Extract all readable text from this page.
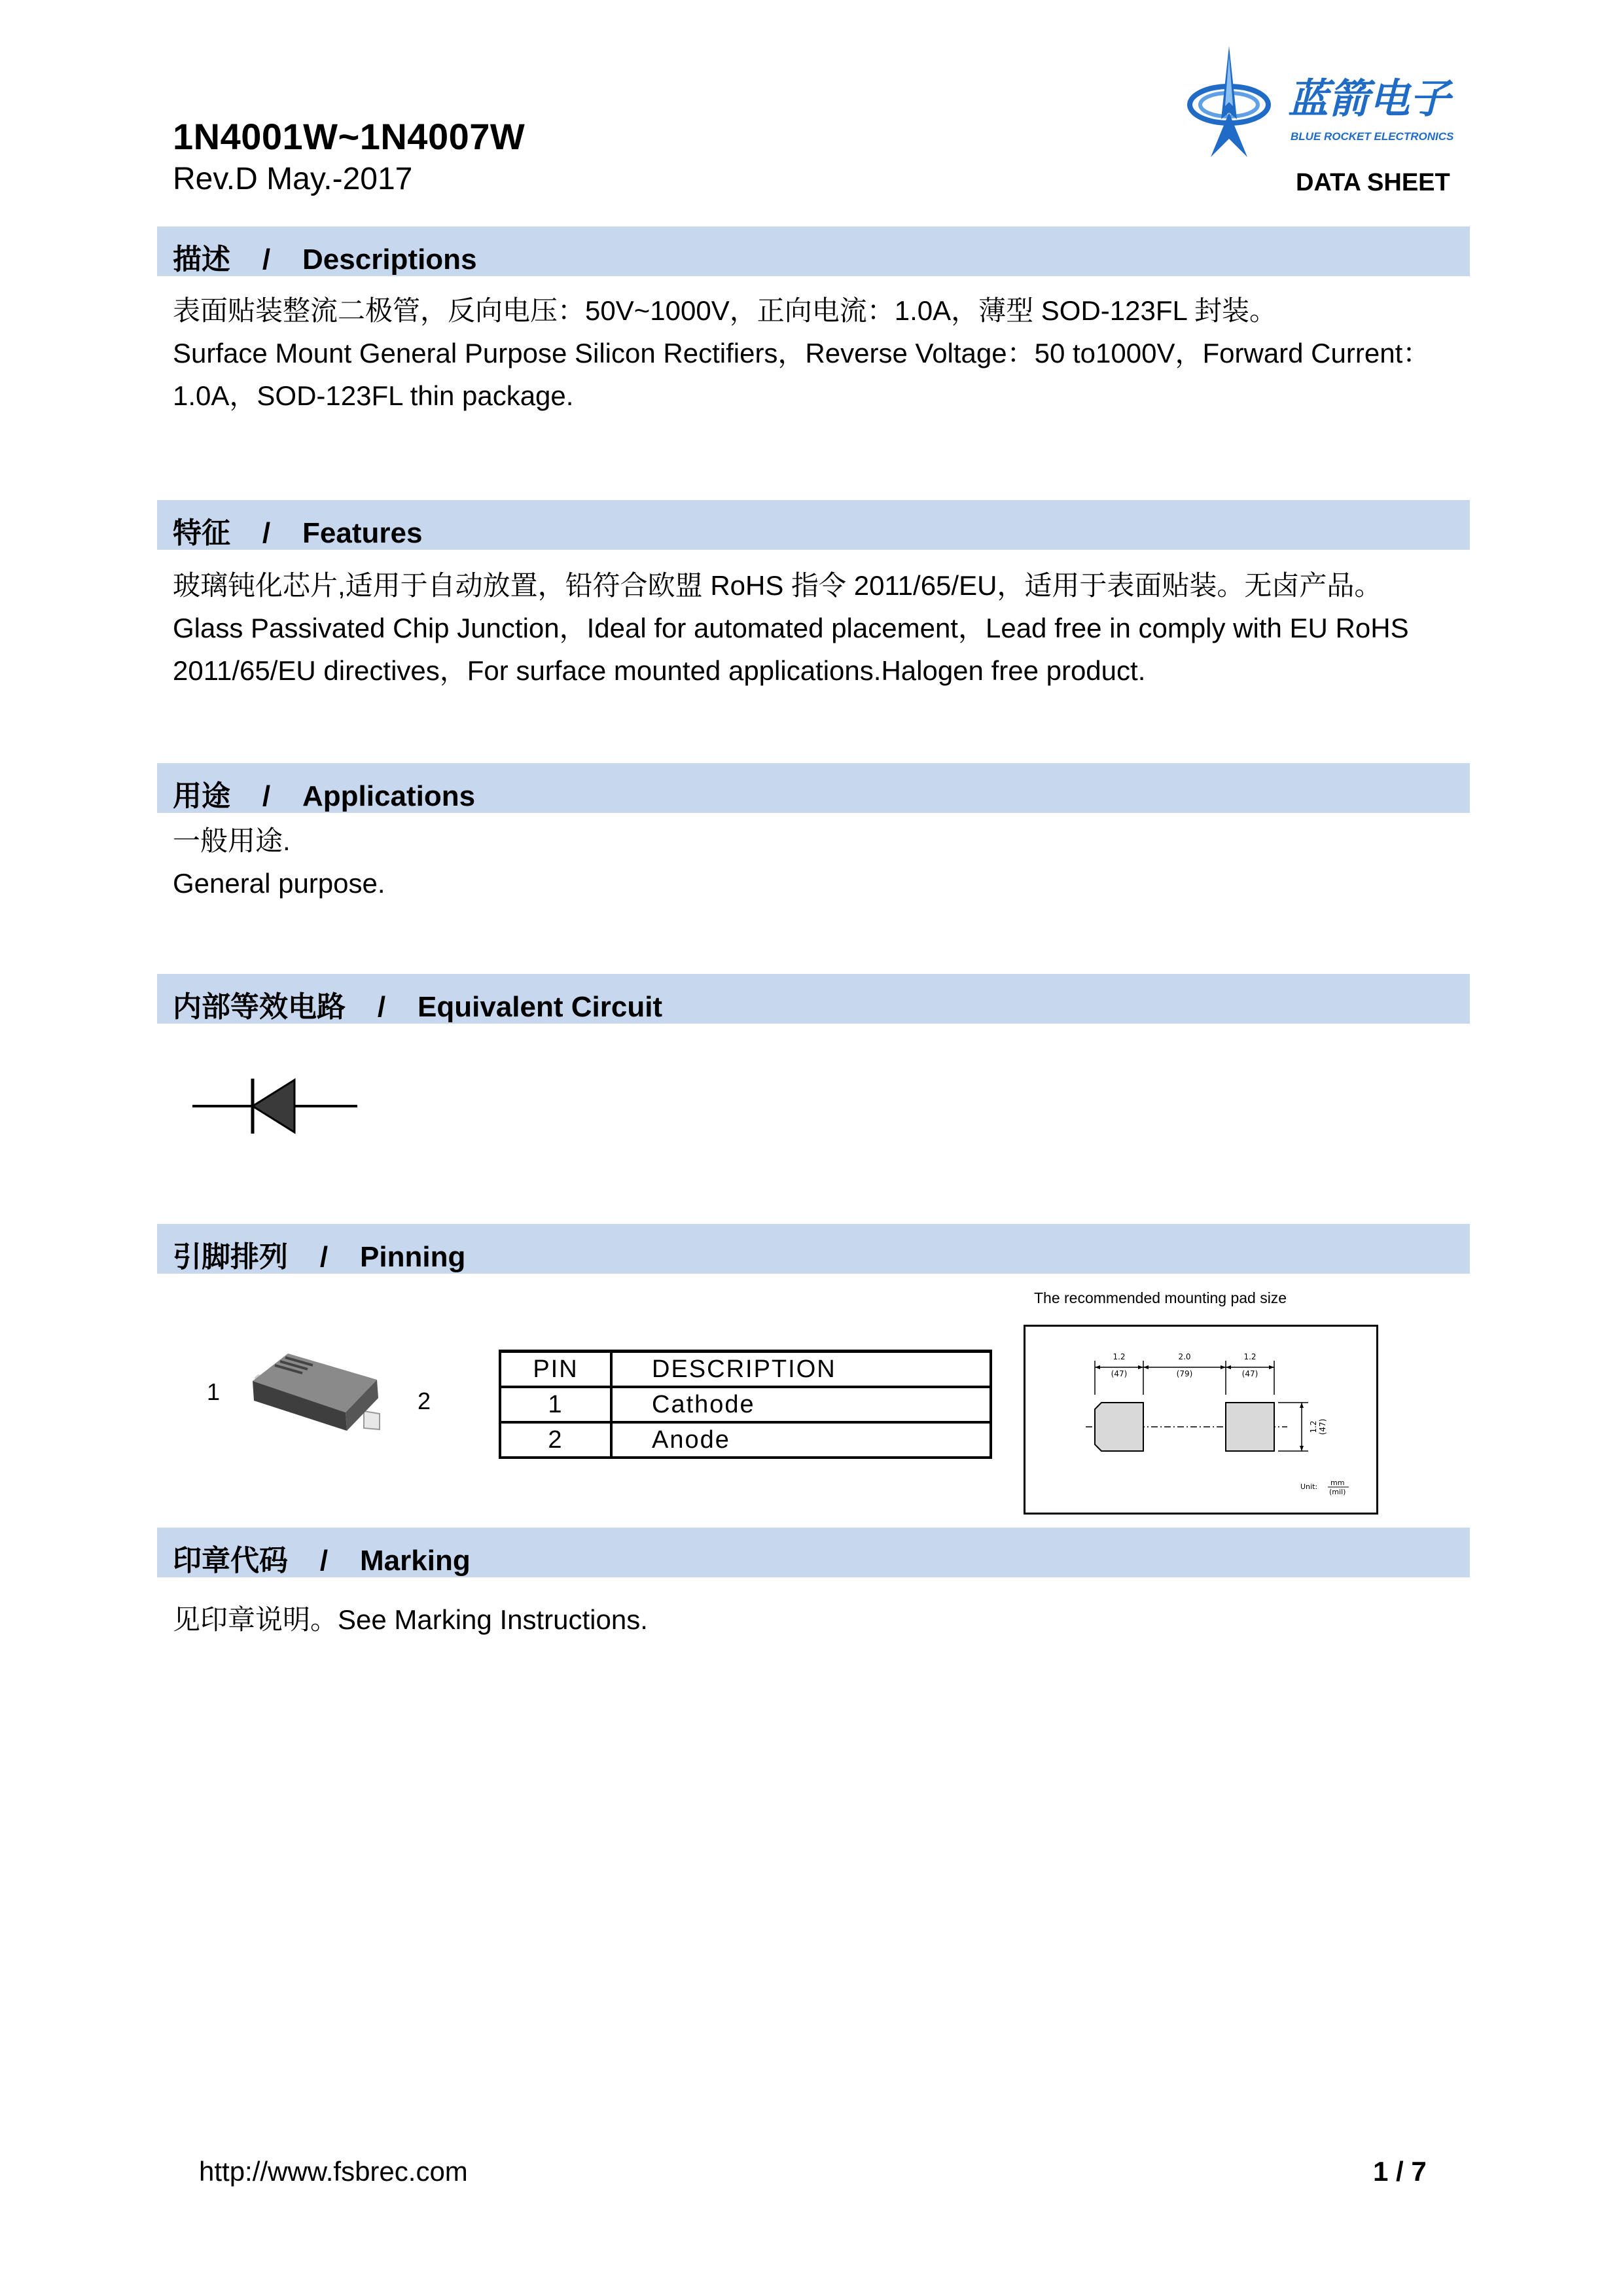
1N4001W~1N4007W
Rev.D May.-2017
蓝箭电子
BLUE ROCKET ELECTRONICS
DATA SHEET
描述    /    Descriptions
表面贴装整流二极管，反向电压：50V~1000V，正向电流：1.0A，薄型 SOD-123FL 封装。
Surface Mount General Purpose Silicon Rectifiers，Reverse Voltage：50 to1000V，Forward Current：
1.0A，SOD-123FL thin package.
特征    /    Features
玻璃钝化芯片,适用于自动放置，铅符合欧盟 RoHS 指令 2011/65/EU，适用于表面贴装。无卤产品。
Glass Passivated Chip Junction，Ideal for automated placement，Lead free in comply with EU RoHS
2011/65/EU directives，For surface mounted applications.Halogen free product.
用途    /    Applications
一般用途.
General purpose.
内部等效电路    /    Equivalent Circuit
引脚排列    /    Pinning
1	2
PIN	DESCRIPTION
1	Cathode
2	Anode
The recommended mounting pad size
1.2
(47)
2.0
(79)
1.2
(47)
1.2 (47)
Unit: mm
(mil)
印章代码    /    Marking
见印章说明。See Marking Instructions.
http://www.fsbrec.com	1 / 7
